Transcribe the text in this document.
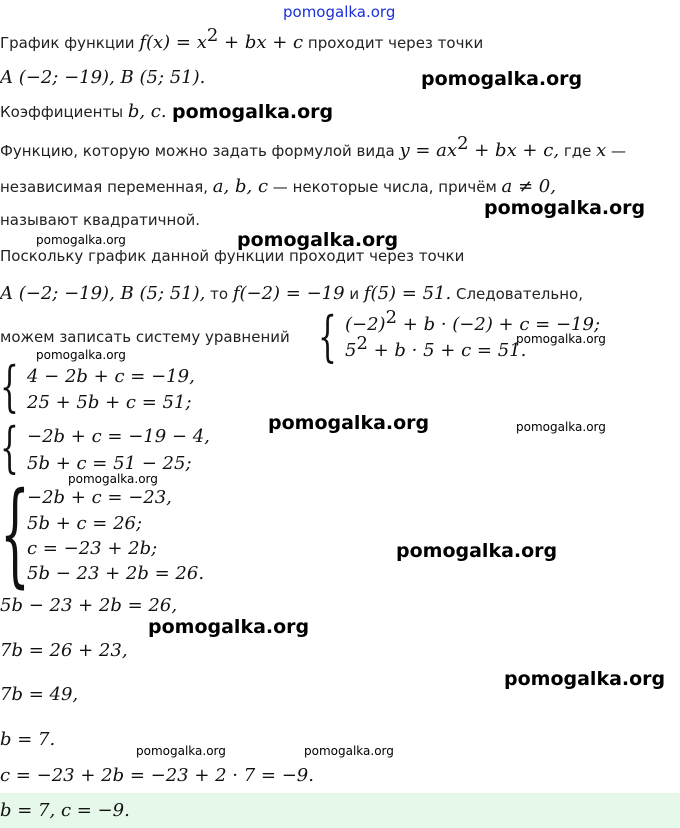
pomogalka.org
График функции $f(x) = x^2$ + bx + c проходит через точки
A (−2; −19), B (5; 51).
Коэффициенты b, c.
Функцию, которую можно задать формулой вида $y = ax^2$ + bx + c, где x —
независимая переменная, a, b, c — некоторые числа, причём a ≠ 0,
называют квадратичной.
Поскольку график данной функции проходит через точки
A (−2; −19), B (5; 51), то f(−2) = −19 и f(5) = 51. Следовательно,
можем записать систему уравнений { $(-2)^2 + b \cdot (-2) + c = -19$;
$5^2 + b \cdot 5 + c = 51$.
{ 4 − 2b + c = −19,
25 + 5b + c = 51;
{ −2b + c = −19 − 4,
5b + c = 51 − 25;
{
−2b + c = −23,
5b + c = 26;
c = −23 + 2b;
5b − 23 + 2b = 26.
5b − 23 + 2b = 26,
7b = 26 + 23,
7b = 49,
b = 7.
c = −23 + 2b = −23 + 2 · 7 = −9.
b = 7, c = −9.
pomogalka.org
pomogalka.org
pomogalka.org
pomogalka.org	pomogalka.org
pomogalka.org
pomogalka.org
pomogalka.org	pomogalka.org
pomogalka.org
pomogalka.org
pomogalka.org
pomogalka.org
pomogalka.org	pomogalka.org
